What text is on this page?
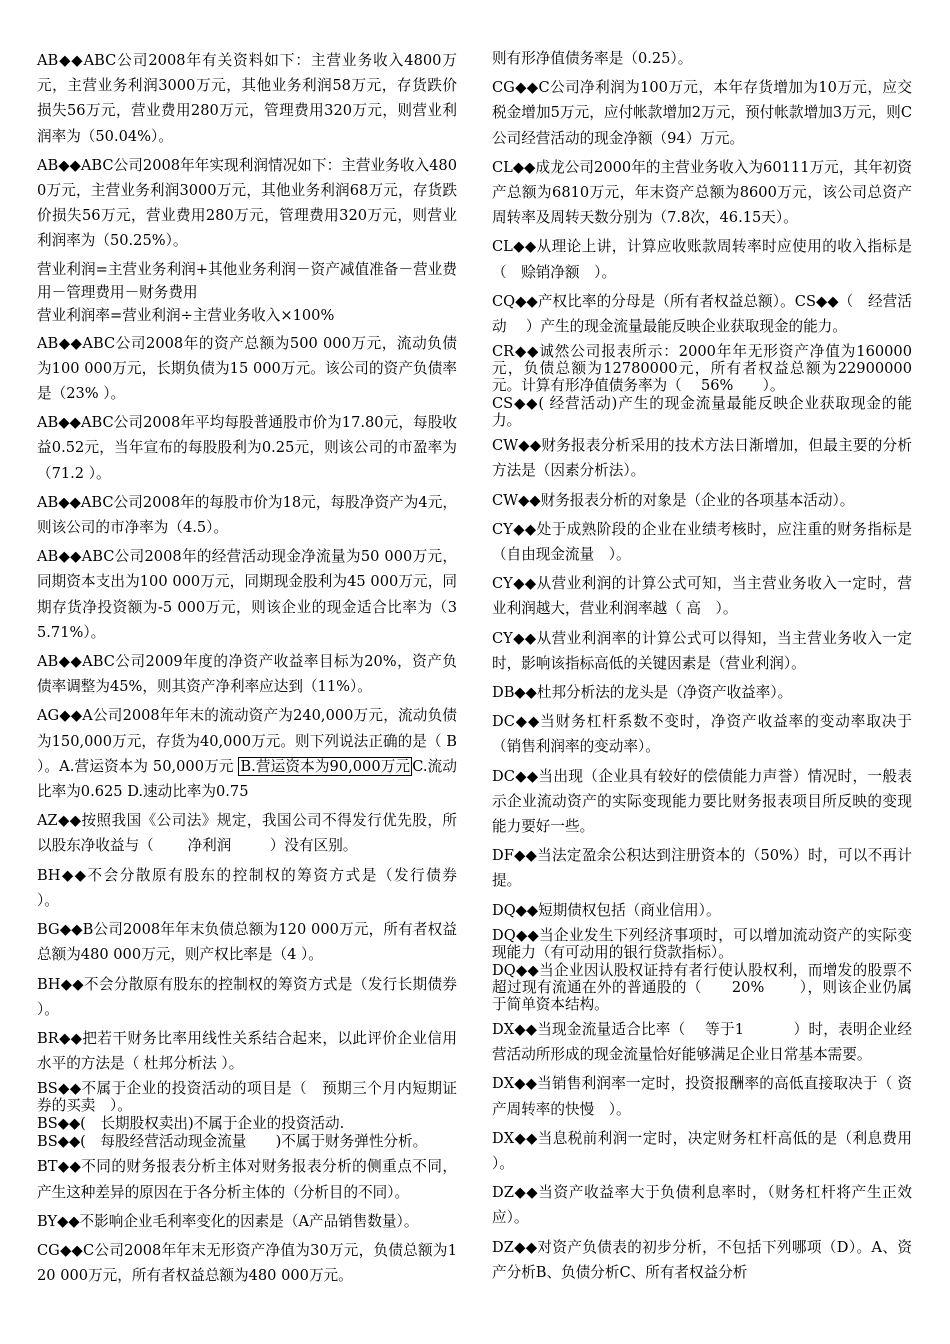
AB◆◆ABC公司2008年有关资料如下：主营业务收入4800万元，主营业务利润3000万元，其他业务利润58万元，存货跌价损失56万元，营业费用280万元，管理费用320万元，则营业利润率为（50.04%）。
AB◆◆ABC公司2008年年实现利润情况如下：主营业务收入4800万元，主营业务利润3000万元，其他业务利润68万元，存货跌价损失56万元，营业费用280万元，管理费用320万元，则营业利润率为（50.25%）。
营业利润=主营业务利润+其他业务利润－资产减值准备－营业费用－管理费用－财务费用
营业利润率=营业利润÷主营业务收入×100%
AB◆◆ABC公司2008年的资产总额为500 000万元，流动负债为100 000万元，长期负债为15 000万元。该公司的资产负债率是（23% ）。
AB◆◆ABC公司2008年平均每股普通股市价为17.80元，每股收益0.52元，当年宣布的每股股利为0.25元，则该公司的市盈率为（71.2 ）。
AB◆◆ABC公司2008年的每股市价为18元，每股净资产为4元，则该公司的市净率为（4.5）。
AB◆◆ABC公司2008年的经营活动现金净流量为50 000万元，同期资本支出为100 000万元，同期现金股利为45 000万元，同期存货净投资额为-5 000万元，则该企业的现金适合比率为（35.71%）。
AB◆◆ABC公司2009年度的净资产收益率目标为20%，资产负债率调整为45%，则其资产净利率应达到（11%）。
AG◆◆A公司2008年年末的流动资产为240,000万元，流动负债为150,000万元，存货为40,000万元。则下列说法正确的是（ B ）。A.营运资本为 50,000万元 B.营运资本为90,000万元 C.流动比率为0.625 D.速动比率为0.75
AZ◆◆按照我国《公司法》规定，我国公司不得发行优先股，所以股东净收益与（　　 净利润 　　 ）没有区别。
BH◆◆不会分散原有股东的控制权的筹资方式是（发行债券　　）。
BG◆◆B公司2008年年末负债总额为120 000万元，所有者权益总额为480 000万元，则产权比率是（4 ）。
BH◆◆不会分散原有股东的控制权的筹资方式是（发行长期债券 ）。
BR◆◆把若干财务比率用线性关系结合起来，以此评价企业信用水平的方法是（ 杜邦分析法 ）。
BS◆◆不属于企业的投资活动的项目是（　预期三个月内短期证券的买卖　）。
BS◆◆(　长期股权卖出)不属于企业的投资活动.
BS◆◆(　每股经营活动现金流量　　)不属于财务弹性分析。
BT◆◆不同的财务报表分析主体对财务报表分析的侧重点不同，产生这种差异的原因在于各分析主体的（分析目的不同）。
BY◆◆不影响企业毛利率变化的因素是（A产品销售数量）。
CG◆◆C公司2008年年末无形资产净值为30万元，负债总额为120 000万元，所有者权益总额为480 000万元。
则有形净值债务率是（0.25）。
CG◆◆C公司净利润为100万元，本年存货增加为10万元，应交税金增加5万元，应付帐款增加2万元，预付帐款增加3万元，则C公司经营活动的现金净额（94）万元。
CL◆◆成龙公司2000年的主营业务收入为60111万元，其年初资产总额为6810万元，年末资产总额为8600万元，该公司总资产周转率及周转天数分别为（7.8次，46.15天）。
CL◆◆从理论上讲，计算应收账款周转率时应使用的收入指标是（　赊销净额　）。
CQ◆◆产权比率的分母是（所有者权益总额）。CS◆◆（　经营活动　 ）产生的现金流量最能反映企业获取现金的能力。
CR◆◆诚然公司报表所示：2000年年无形资产净值为160000元，负债总额为12780000元，所有者权益总额为22900000元。计算有形净值债务率为（　 56%　　）。
CS◆◆( 经营活动)产生的现金流量最能反映企业获取现金的能力。
CW◆◆财务报表分析采用的技术方法日渐增加，但最主要的分析方法是（因素分析法）。
CW◆◆财务报表分析的对象是（企业的各项基本活动）。
CY◆◆处于成熟阶段的企业在业绩考核时，应注重的财务指标是（自由现金流量　）。
CY◆◆从营业利润的计算公式可知，当主营业务收入一定时，营业利润越大，营业利润率越（ 高　）。
CY◆◆从营业利润率的计算公式可以得知，当主营业务收入一定时，影响该指标高低的关键因素是（营业利润）。
DB◆◆杜邦分析法的龙头是（净资产收益率）。
DC◆◆当财务杠杆系数不变时，净资产收益率的变动率取决于（销售利润率的变动率）。
DC◆◆当出现（企业具有较好的偿债能力声誉）情况时，一般表示企业流动资产的实际变现能力要比财务报表项目所反映的变现能力要好一些。
DF◆◆当法定盈余公积达到注册资本的（50%）时，可以不再计提。
DQ◆◆短期债权包括（商业信用）。
DQ◆◆当企业发生下列经济事项时，可以增加流动资产的实际变现能力（有可动用的银行贷款指标）。
DQ◆◆当企业因认股权证持有者行使认股权利，而增发的股票不超过现有流通在外的普通股的（　　20%　　 ），则该企业仍属于简单资本结构。
DX◆◆当现金流量适合比率（　 等于1　　　 ）时，表明企业经营活动所形成的现金流量恰好能够满足企业日常基本需要。
DX◆◆当销售利润率一定时，投资报酬率的高低直接取决于（ 资产周转率的快慢　）。
DX◆◆当息税前利润一定时，决定财务杠杆高低的是（利息费用 ）。
DZ◆◆当资产收益率大于负债利息率时，（财务杠杆将产生正效应）。
DZ◆◆对资产负债表的初步分析，不包括下列哪项（D）。A、资产分析B、负债分析C、所有者权益分析
